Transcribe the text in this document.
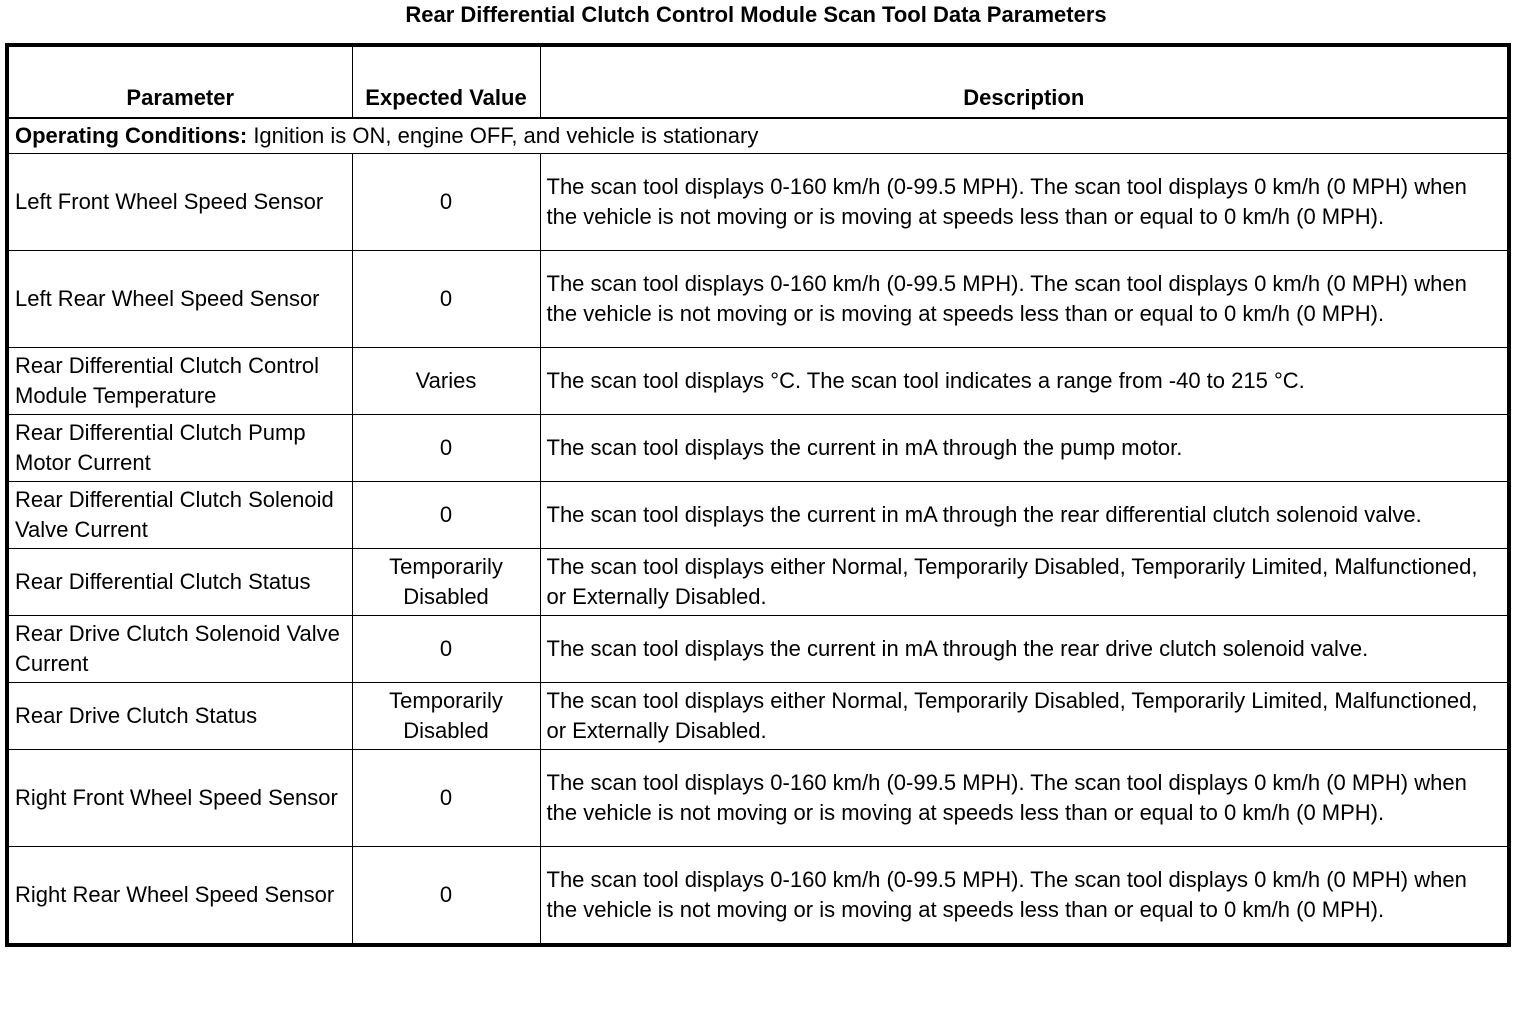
Rear Differential Clutch Control Module Scan Tool Data Parameters
Parameter	Expected Value	Description
Operating Conditions: Ignition is ON, engine OFF, and vehicle is stationary		
Left Front Wheel Speed Sensor	0	The scan tool displays 0-160 km/h (0-99.5 MPH). The scan tool displays 0 km/h (0 MPH) when the vehicle is not moving or is moving at speeds less than or equal to 0 km/h (0 MPH).
Left Rear Wheel Speed Sensor	0	The scan tool displays 0-160 km/h (0-99.5 MPH). The scan tool displays 0 km/h (0 MPH) when the vehicle is not moving or is moving at speeds less than or equal to 0 km/h (0 MPH).
Rear Differential Clutch Control Module Temperature	Varies	The scan tool displays °C. The scan tool indicates a range from -40 to 215 °C.
Rear Differential Clutch Pump Motor Current	0	The scan tool displays the current in mA through the pump motor.
Rear Differential Clutch Solenoid Valve Current	0	The scan tool displays the current in mA through the rear differential clutch solenoid valve.
Rear Differential Clutch Status	Temporarily Disabled	The scan tool displays either Normal, Temporarily Disabled, Temporarily Limited, Malfunctioned, or Externally Disabled.
Rear Drive Clutch Solenoid Valve Current	0	The scan tool displays the current in mA through the rear drive clutch solenoid valve.
Rear Drive Clutch Status	Temporarily Disabled	The scan tool displays either Normal, Temporarily Disabled, Temporarily Limited, Malfunctioned, or Externally Disabled.
Right Front Wheel Speed Sensor	0	The scan tool displays 0-160 km/h (0-99.5 MPH). The scan tool displays 0 km/h (0 MPH) when the vehicle is not moving or is moving at speeds less than or equal to 0 km/h (0 MPH).
Right Rear Wheel Speed Sensor	0	The scan tool displays 0-160 km/h (0-99.5 MPH). The scan tool displays 0 km/h (0 MPH) when the vehicle is not moving or is moving at speeds less than or equal to 0 km/h (0 MPH).
